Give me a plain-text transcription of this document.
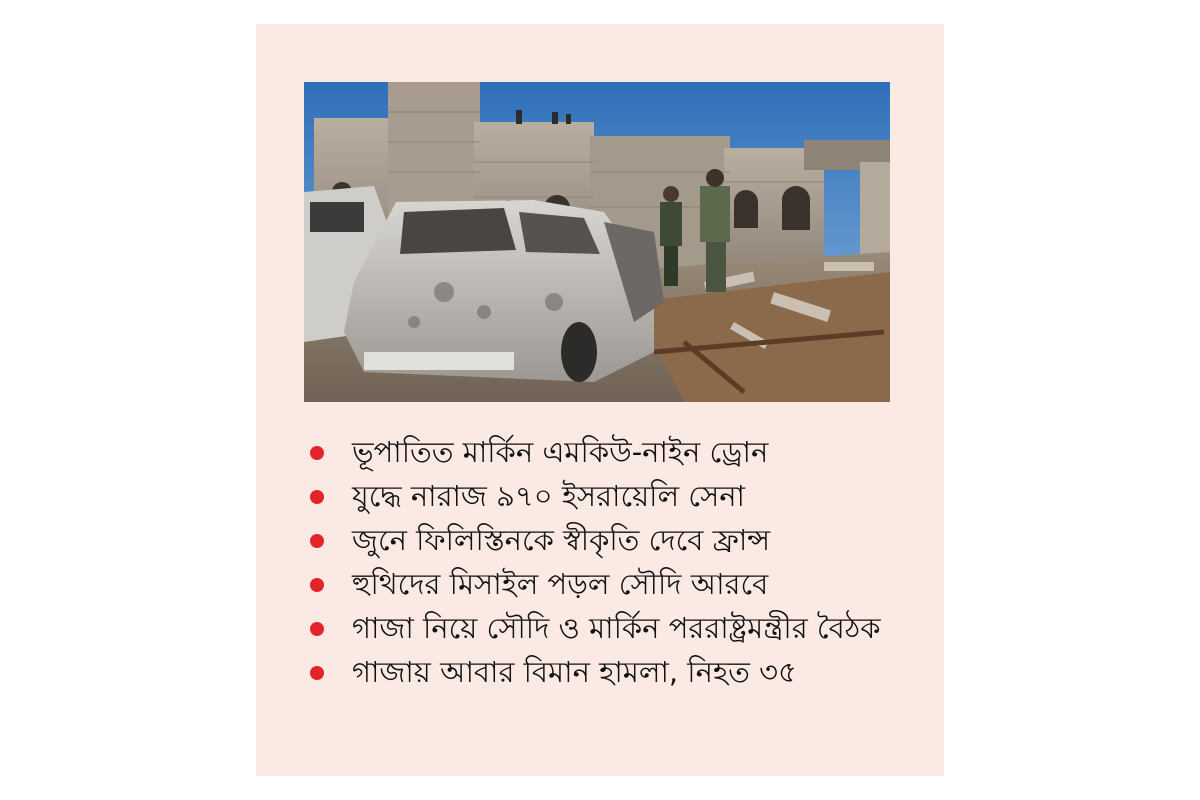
ভূপাতিত মার্কিন এমকিউ-নাইন ড্রোন
যুদ্ধে নারাজ ৯৭০ ইসরায়েলি সেনা
জুনে ফিলিস্তিনকে স্বীকৃতি দেবে ফ্রান্স
হুথিদের মিসাইল পড়ল সৌদি আরবে
গাজা নিয়ে সৌদি ও মার্কিন পররাষ্ট্রমন্ত্রীর বৈঠক
গাজায় আবার বিমান হামলা, নিহত ৩৫
